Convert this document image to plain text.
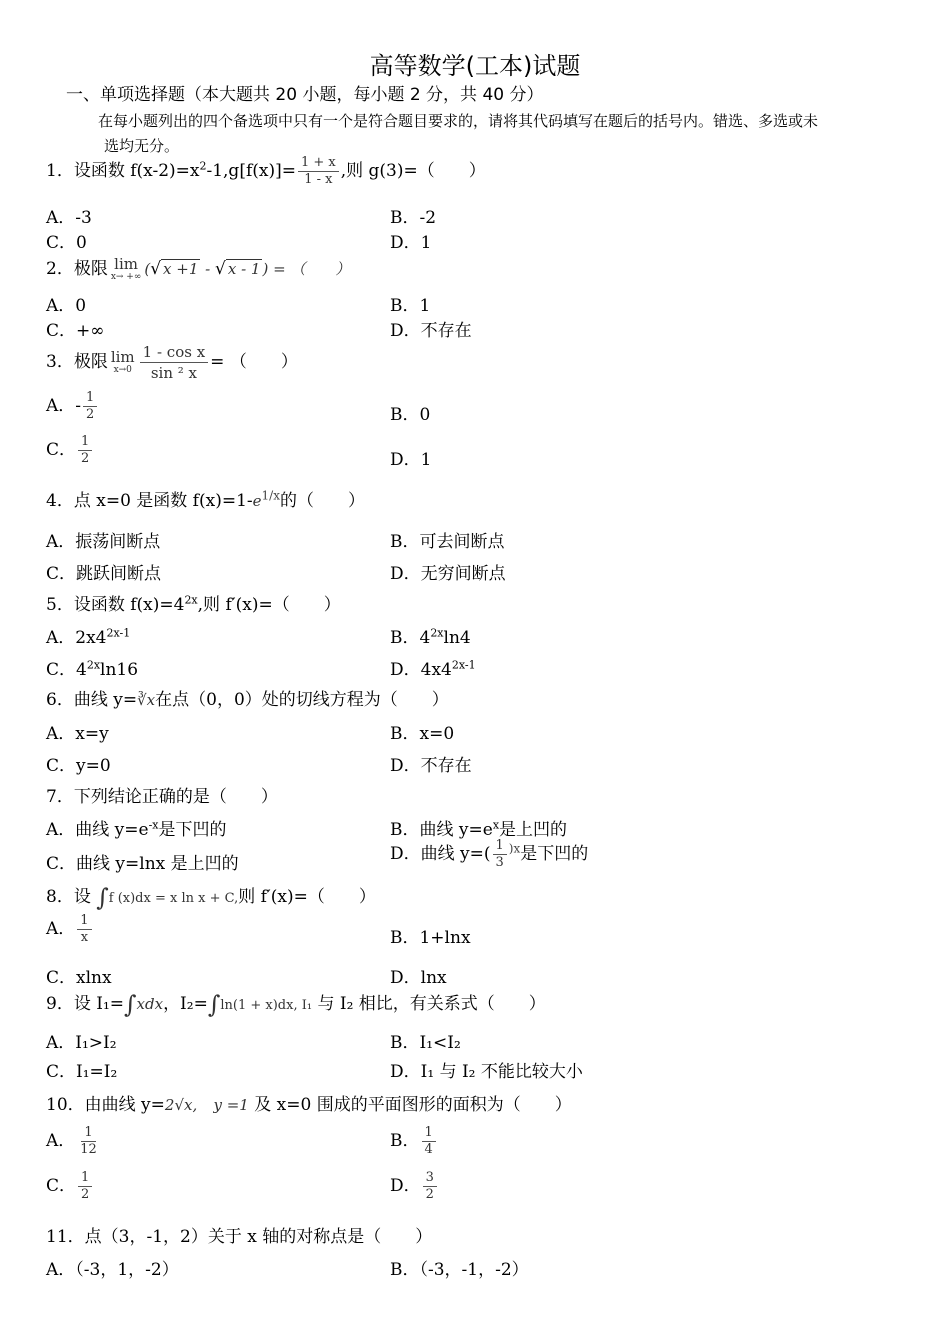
高等数学(工本)试题
一、单项选择题（本大题共 20 小题，每小题 2 分，共 40 分）
在每小题列出的四个备选项中只有一个是符合题目要求的，请将其代码填写在题后的括号内。错选、多选或未
选均无分。
1．设函数 $f(x-2)=x^2-1,g[f(x)]= \frac{1 + x}{1 - x}$ ,则 g(3)=（　　）
A．-3	B．-2
C．0	D．1
2．极限 lim
x→ +∞ (√ x +1 - √ x - 1 ) = （　　）
A．0	B．1
C．+∞	D．不存在
3．极限 lim
$x\to 0 \frac{\text{1 - cos x}}{\text{sin ² x}}$ = （　　）
A．- $\frac{1}{2}$	B．0
C． $\frac{1}{2}$	D．1
4．点 x=0 是函数 $f(x)=1-e^{1/x}$的（　　）
A．振荡间断点	B．可去间断点
C．跳跃间断点	D．无穷间断点
5．设函数 $f(x)=4^{2x}$,则 f′(x)=（　　）
A．$2x4^{2x-1}$	B．$4^{2x}\ln 4$
C．$4^{2x}\ln 16$	D．$4x4^{2x-1}$
6．曲线 y=∛x在点（0，0）处的切线方程为（　　）
A．x=y	B．x=0
C．y=0	D．不存在
7．下列结论正确的是（　　）
A．曲线 $y=e^{-x}$是下凹的	B．曲线 $y=e^x$是上凹的
C．曲线 y=lnx 是上凹的	D．曲线 $y=( \frac{1}{3} ^{)x}$是下凹的
8．设 ∫f (x)dx = x ln x + C,则 f′(x)=（　　）
A． $\frac{1}{x}$	B．1+lnx
C．xlnx	D．lnx
9．设 I₁=∫xdx，I₂=∫ln(1 + x)dx, I₁ 与 I₂ 相比，有关系式（　　）
A．I₁>I₂	B．I₁<I₂
C．I₁=I₂	D．I₁ 与 I₂ 不能比较大小
10．由曲线 y=2√x, y =1 及 x=0 围成的平面图形的面积为（　　）
A． $\frac{1}{12}$	B． $\frac{1}{4}$
C． $\frac{1}{2}$	D． $\frac{3}{2}$
11．点（3，-1，2）关于 x 轴的对称点是（　　）
A．（-3，1，-2）	B．（-3，-1，-2）
